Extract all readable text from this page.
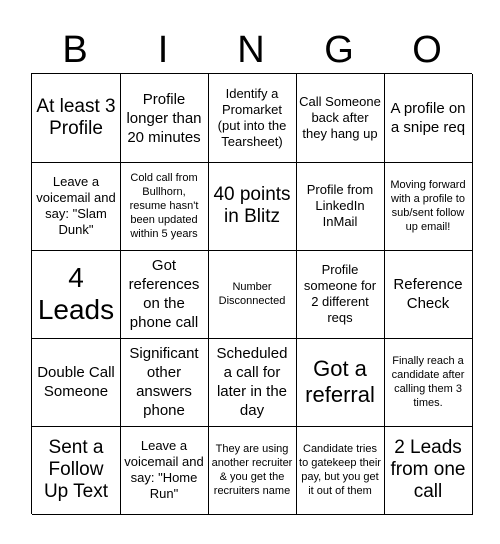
B	I	N	G	O
At least 3 Profile
Profile longer than 20 minutes
Identify a Promarket (put into the Tearsheet)
Call Someone back after they hang up
A profile on a snipe req
Leave a voicemail and say: "Slam Dunk"
Cold call from Bullhorn, resume hasn't been updated within 5 years
40 points in Blitz
Profile from LinkedIn InMail
Moving forward with a profile to sub/sent follow up email!
4 Leads
Got references on the phone call
Number Disconnected
Profile someone for 2 different reqs
Reference Check
Double Call Someone
Significant other answers phone
Scheduled a call for later in the day
Got a referral
Finally reach a candidate after calling them 3 times.
Sent a Follow Up Text
Leave a voicemail and say: "Home Run"
They are using another recruiter & you get the recruiters name
Candidate tries to gatekeep their pay, but you get it out of them
2 Leads from one call
